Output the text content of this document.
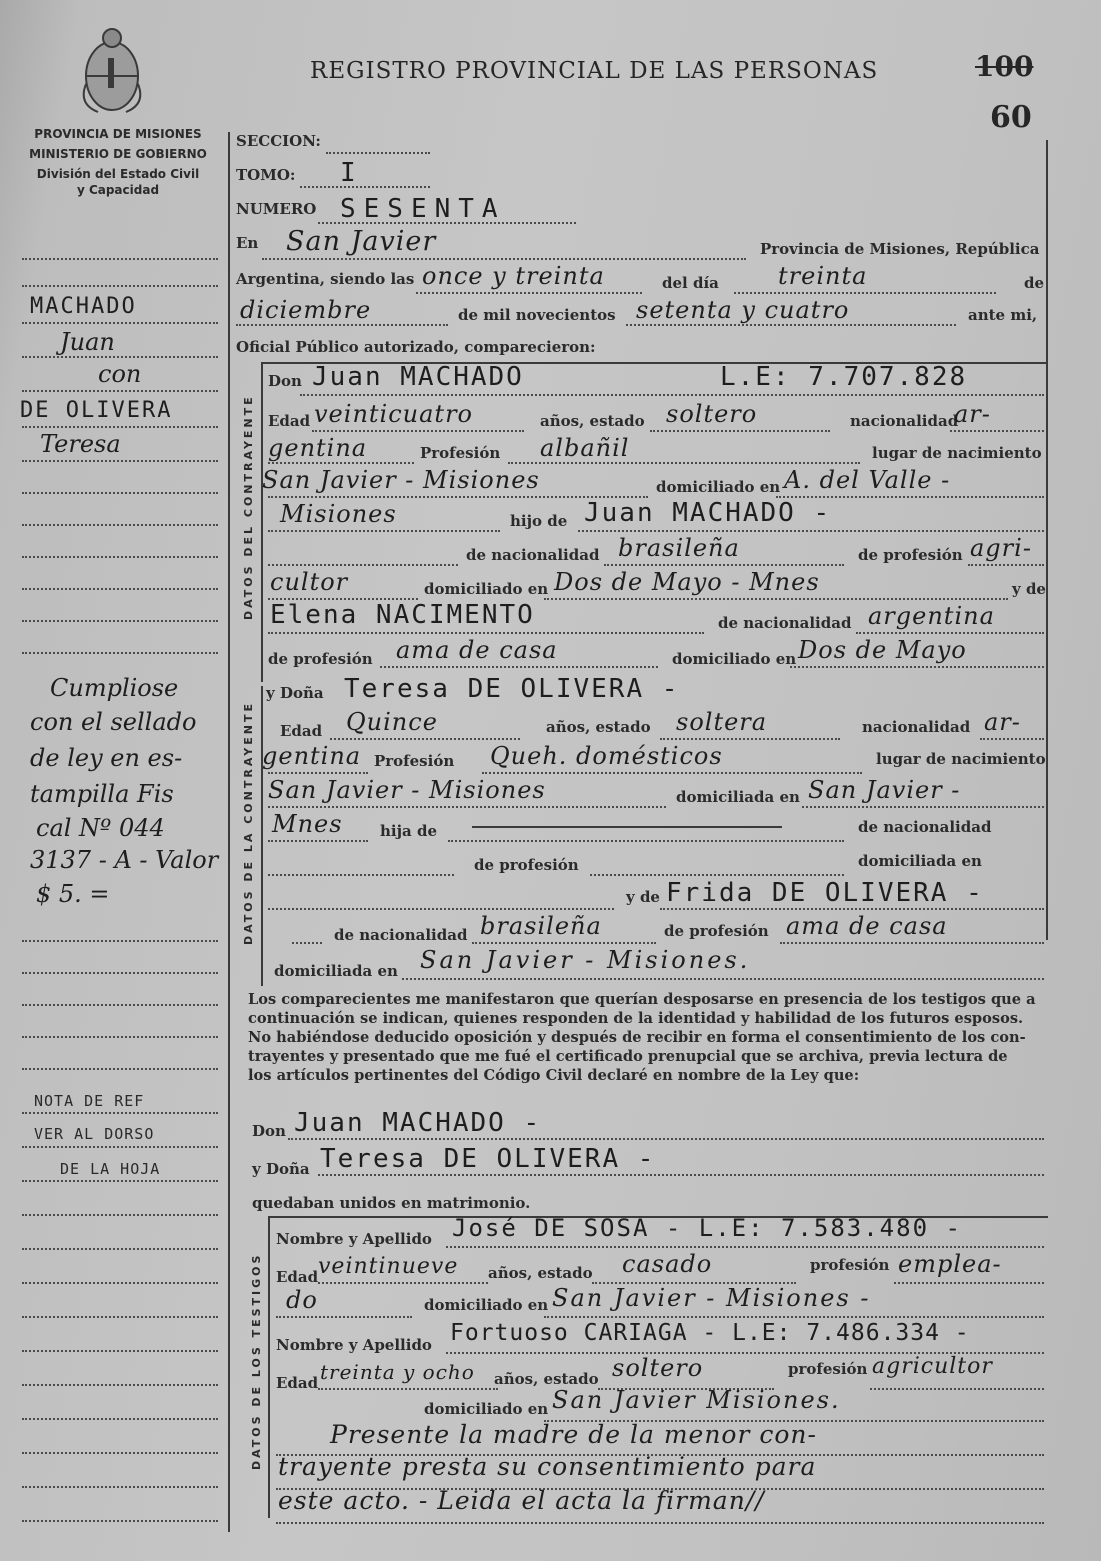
PROVINCIA DE MISIONES
MINISTERIO DE GOBIERNO
División del Estado Civil
y Capacidad
REGISTRO PROVINCIAL DE LAS PERSONAS	100
60
DATOS DEL CONTRAYENTE
DATOS DE LA CONTRAYENTE
DATOS DE LOS TESTIGOS
MACHADO
Juan
con
DE OLIVERA
Teresa
Cumpliose
con el sellado
de ley en es-
tampilla Fis
cal Nº 044
3137 - A - Valor
$ 5. =
NOTA DE REF
VER AL DORSO
DE LA HOJA
SECCION:
TOMO: I
NUMERO SESENTA
En San Javier	Provincia de Misiones, República
Argentina, siendo las once y treinta	del día treinta	de
diciembre	de mil novecientos setenta y cuatro	ante mi,
Oficial Público autorizado, comparecieron:
Don Juan MACHADO	L.E: 7.707.828
Edad veinticuatro	años, estado soltero	nacionalidad
ar-
gentina	Profesión albañil	lugar de nacimiento
San Javier - Misiones	domiciliado en A. del Valle -
Misiones	hijo de Juan MACHADO -
de nacionalidad brasileña	de profesión agri-
cultor	domiciliado en Dos de Mayo - Mnes	y de
Elena NACIMENTO	de nacionalidad argentina
de profesión ama de casa	domiciliado en Dos de Mayo
y Doña Teresa DE OLIVERA -
Edad Quince	años, estado soltera	nacionalidad ar-
gentina Profesión Queh. domésticos	lugar de nacimiento
San Javier - Misiones	domiciliada en San Javier -
Mnes hija de	de nacionalidad
de profesión	domiciliada en
y de Frida DE OLIVERA -
de nacionalidad brasileña	de profesión ama de casa
domiciliada en San Javier - Misiones.
Los comparecientes me manifestaron que querían desposarse en presencia de los testigos que a
continuación se indican, quienes responden de la identidad y habilidad de los futuros esposos.
No habiéndose deducido oposición y después de recibir en forma el consentimiento de los con-
trayentes y presentado que me fué el certificado prenupcial que se archiva, previa lectura de
los artículos pertinentes del Código Civil declaré en nombre de la Ley que:
Don Juan MACHADO -
y Doña Teresa DE OLIVERA -
quedaban unidos en matrimonio.
Nombre y Apellido José DE SOSA - L.E: 7.583.480 -
Edad veintinueve años, estado casado	profesión emplea-
do	domiciliado en San Javier - Misiones -
Nombre y Apellido Fortuoso CARIAGA - L.E: 7.486.334 -
Edad treinta y ocho años, estado soltero	profesión agricultor
domiciliado en San Javier Misiones.
Presente la madre de la menor con-
trayente presta su consentimiento para
este acto. - Leida el acta la firman//
